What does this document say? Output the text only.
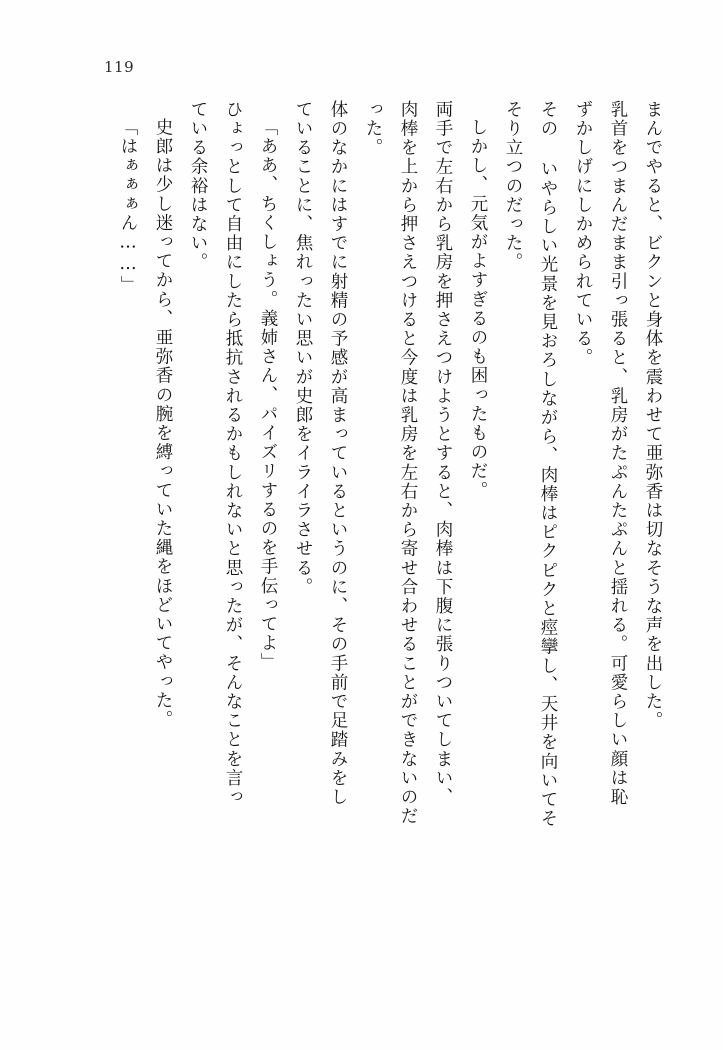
119
まんでやると、ビクンと身体を震わせて亜弥香は切なそうな声を出した。
乳首をつまんだまま引っ張ると、乳房がたぷんたぷんと揺れる。可愛らしい顔は恥
ずかしげにしかめられている。
その いやらしい光景を見おろしながら、肉棒はピクピクと痙攣し、天井を向いてそ
そり立つのだった。
しかし、元気がよすぎるのも困ったものだ。
両手で左右から乳房を押さえつけようとすると、肉棒は下腹に張りついてしまい、
肉棒を上から押さえつけると今度は乳房を左右から寄せ合わせることができないのだ
った。
体のなかにはすでに射精の予感が高まっているというのに、その手前で足踏みをし
ていることに、焦れったい思いが史郎をイライラさせる。
「ああ、ちくしょう。義姉さん、パイズリするのを手伝ってよ」
ひょっとして自由にしたら抵抗されるかもしれないと思ったが、そんなことを言っ
ている余裕はない。
史郎は少し迷ってから、亜弥香の腕を縛っていた縄をほどいてやった。
「はぁぁぁん……」
